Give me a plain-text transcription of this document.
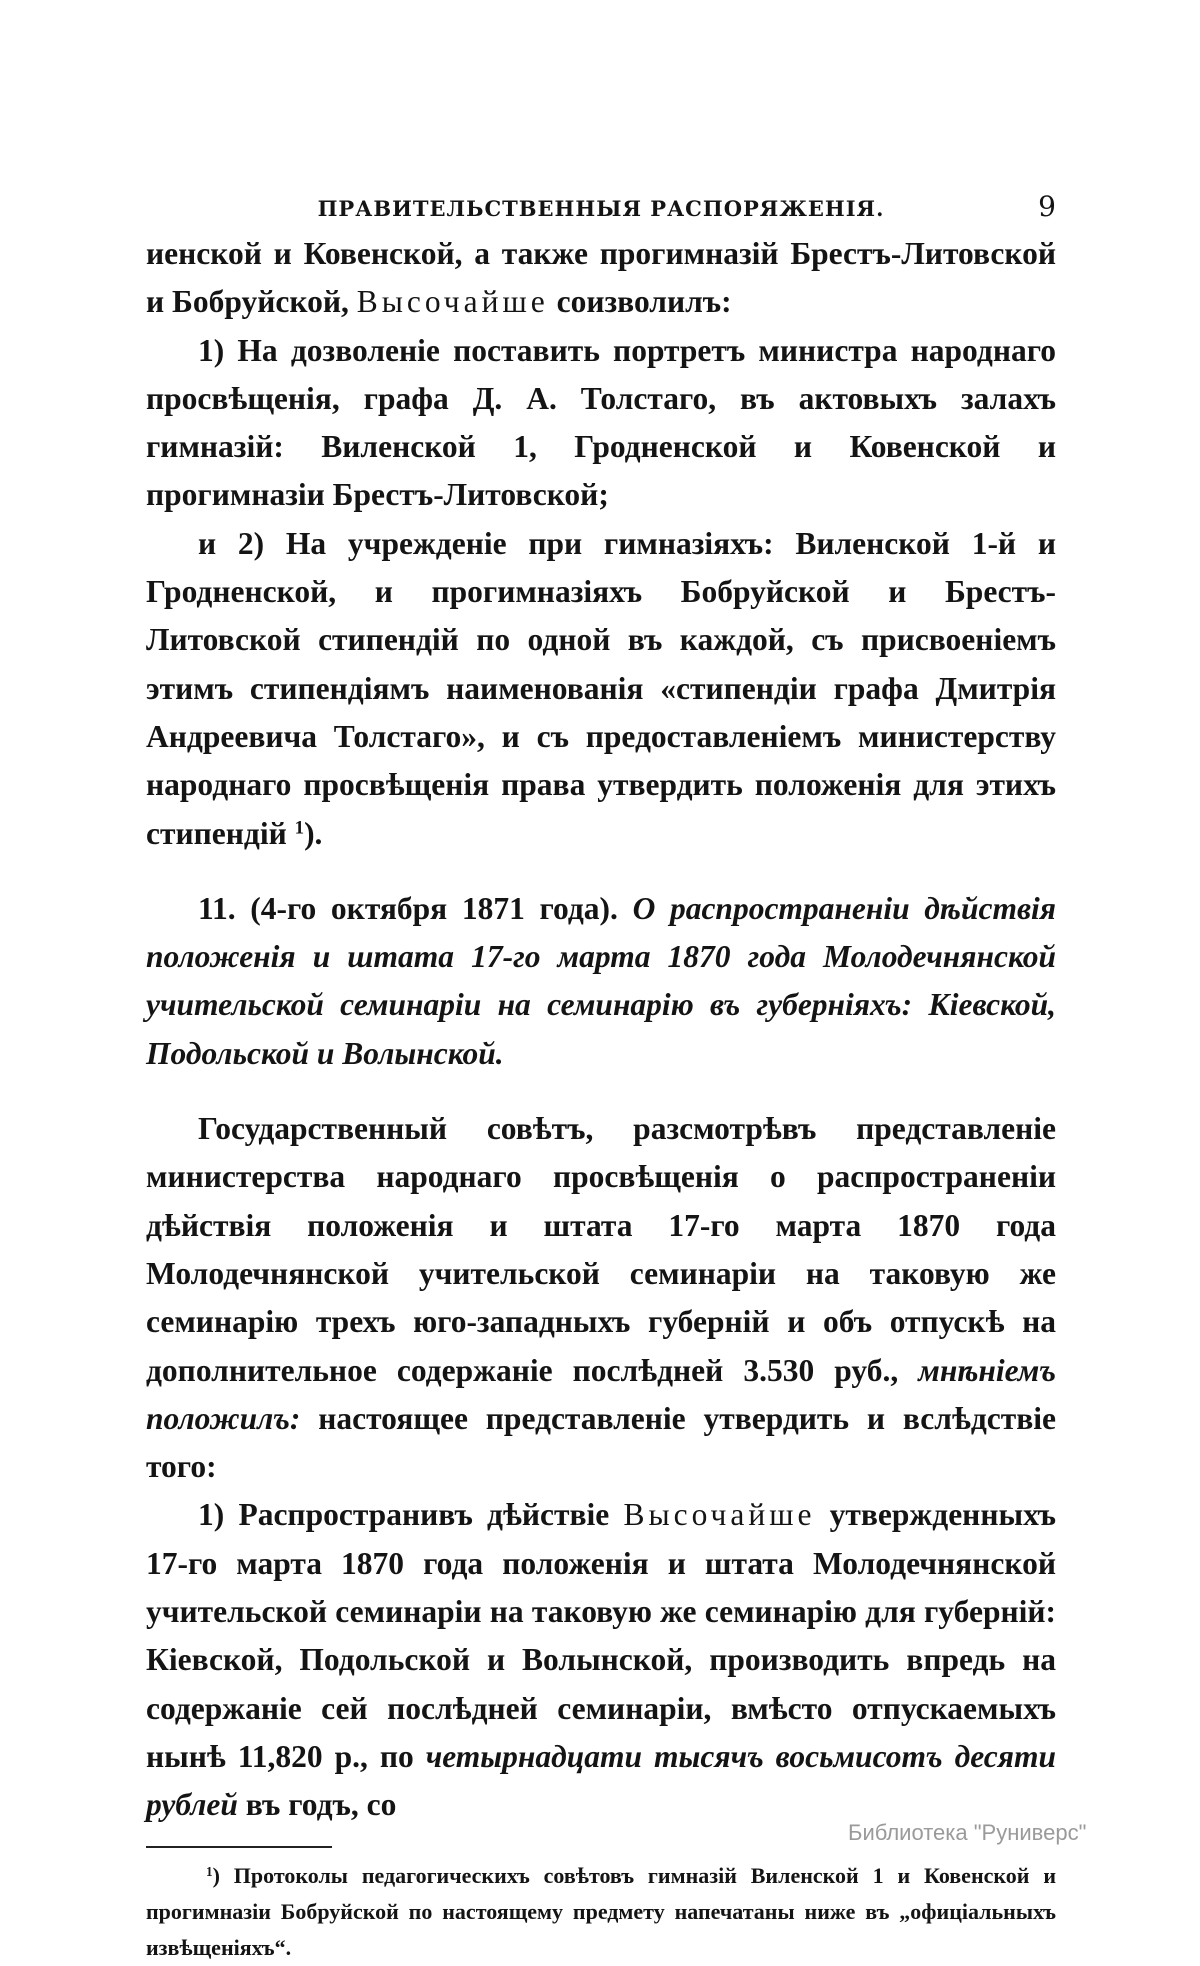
ПРАВИТЕЛЬСТВЕННЫЯ РАСПОРЯЖЕНІЯ.	9

иенской и Ковенской, а также прогимназій Брестъ-Литовской и Бобруйской, Высочайше соизволилъ:

1) На дозволеніе поставить портретъ министра народнаго просвѣщенія, графа Д. А. Толстаго, въ актовыхъ залахъ гимназій: Виленской 1, Гродненской и Ковенской и прогимназіи Брестъ-Литовской;

и 2) На учрежденіе при гимназіяхъ: Виленской 1-й и Гродненской, и прогимназіяхъ Бобруйской и Брестъ-Литовской стипендій по одной въ каждой, съ присвоеніемъ этимъ стипендіямъ наименованія «стипендіи графа Дмитрія Андреевича Толстаго», и съ предоставленіемъ министерству народнаго просвѣщенія права утвердить положенія для этихъ стипендій $^1$).

11. (4-го октября 1871 года). О распространеніи дѣйствія положенія и штата 17-го марта 1870 года Молодечнянской учительской семинаріи на семинарію въ губерніяхъ: Кіевской, Подольской и Волынской.

Государственный совѣтъ, разсмотрѣвъ представленіе министерства народнаго просвѣщенія о распространеніи дѣйствія положенія и штата 17-го марта 1870 года Молодечнянской учительской семинаріи на таковую же семинарію трехъ юго-западныхъ губерній и объ отпускѣ на дополнительное содержаніе послѣдней 3.530 руб., мнѣніемъ положилъ: настоящее представленіе утвердить и вслѣдствіе того:

1) Распространивъ дѣйствіе Высочайше утвержденныхъ 17-го марта 1870 года положенія и штата Молодечнянской учительской семинаріи на таковую же семинарію для губерній: Кіевской, Подольской и Волынской, производить впредь на содержаніе сей послѣдней семинаріи, вмѣсто отпускаемыхъ нынѣ 11,820 р., по четырнадцати тысячъ восьмисотъ десяти рублей въ годъ, со

$^1$) Протоколы педагогическихъ совѣтовъ гимназій Виленской 1 и Ковенской и прогимназіи Бобруйской по настоящему предмету напечатаны ниже въ „офиціальныхъ извѣщеніяхъ“.

Библиотека "Руниверс"
